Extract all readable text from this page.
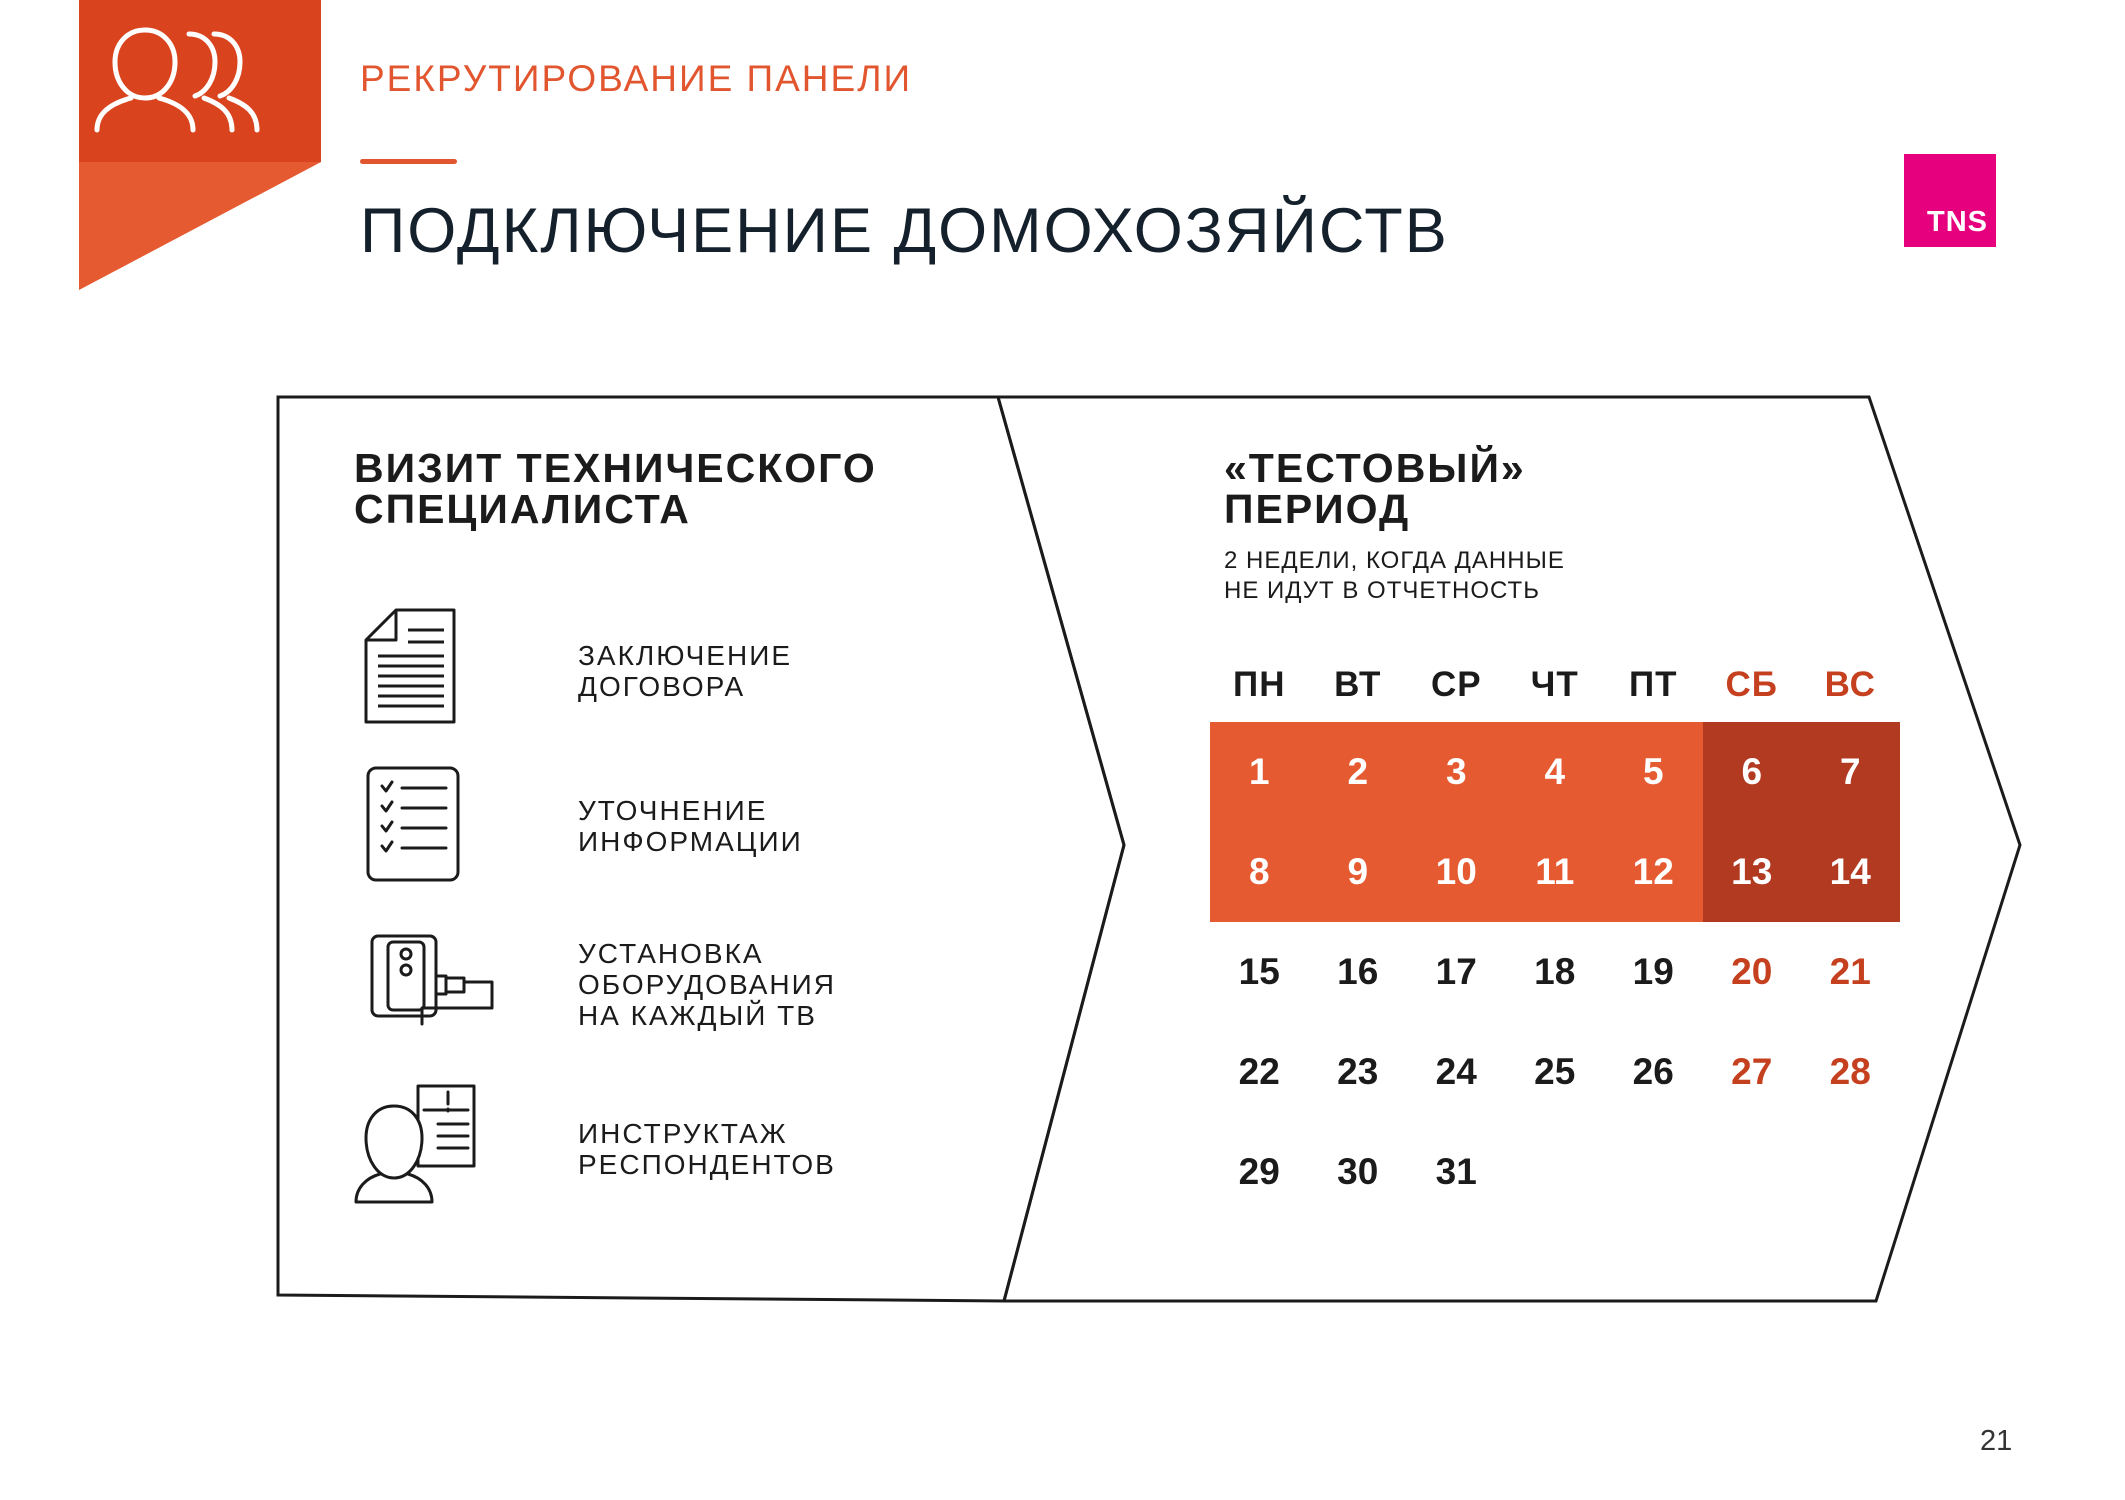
РЕКРУТИРОВАНИЕ ПАНЕЛИ
ПОДКЛЮЧЕНИЕ ДОМОХОЗЯЙСТВ	TNS
ВИЗИТ ТЕХНИЧЕСКОГО
СПЕЦИАЛИСТА
ЗАКЛЮЧЕНИЕ
ДОГОВОРА
УТОЧНЕНИЕ
ИНФОРМАЦИИ
УСТАНОВКА
ОБОРУДОВАНИЯ
НА КАЖДЫЙ ТВ
ИНСТРУКТАЖ
РЕСПОНДЕНТОВ
«ТЕСТОВЫЙ»
ПЕРИОД
2 НЕДЕЛИ, КОГДА ДАННЫЕ
НЕ ИДУТ В ОТЧЕТНОСТЬ
ПН	ВТ	СР	ЧТ	ПТ	СБ	ВС
1	2	3	4	5	6	7
8	9	10	11	12	13	14
15	16	17	18	19	20	21
22	23	24	25	26	27	28
29	30	31
21
